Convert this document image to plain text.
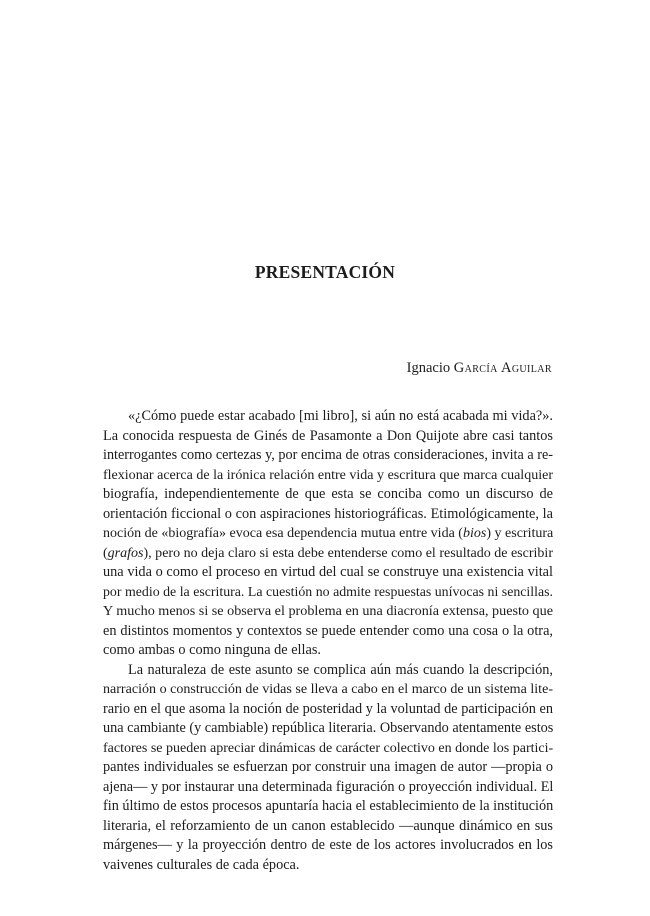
PRESENTACIÓN
Ignacio García Aguilar
«¿Cómo puede estar acabado [mi libro], si aún no está acabada mi vida?».
La conocida respuesta de Ginés de Pasamonte a Don Quijote abre casi tantos
interrogantes como certezas y, por encima de otras consideraciones, invita a re-
flexionar acerca de la irónica relación entre vida y escritura que marca cualquier
biografía, independientemente de que esta se conciba como un discurso de
orientación ficcional o con aspiraciones historiográficas. Etimológicamente, la
noción de «biografía» evoca esa dependencia mutua entre vida (bios) y escritura
(grafos), pero no deja claro si esta debe entenderse como el resultado de escribir
una vida o como el proceso en virtud del cual se construye una existencia vital
por medio de la escritura. La cuestión no admite respuestas unívocas ni sencillas.
Y mucho menos si se observa el problema en una diacronía extensa, puesto que
en distintos momentos y contextos se puede entender como una cosa o la otra,
como ambas o como ninguna de ellas.
La naturaleza de este asunto se complica aún más cuando la descripción,
narración o construcción de vidas se lleva a cabo en el marco de un sistema lite-
rario en el que asoma la noción de posteridad y la voluntad de participación en
una cambiante (y cambiable) república literaria. Observando atentamente estos
factores se pueden apreciar dinámicas de carácter colectivo en donde los partici-
pantes individuales se esfuerzan por construir una imagen de autor —propia o
ajena— y por instaurar una determinada figuración o proyección individual. El
fin último de estos procesos apuntaría hacia el establecimiento de la institución
literaria, el reforzamiento de un canon establecido —aunque dinámico en sus
márgenes— y la proyección dentro de este de los actores involucrados en los
vaivenes culturales de cada época.
